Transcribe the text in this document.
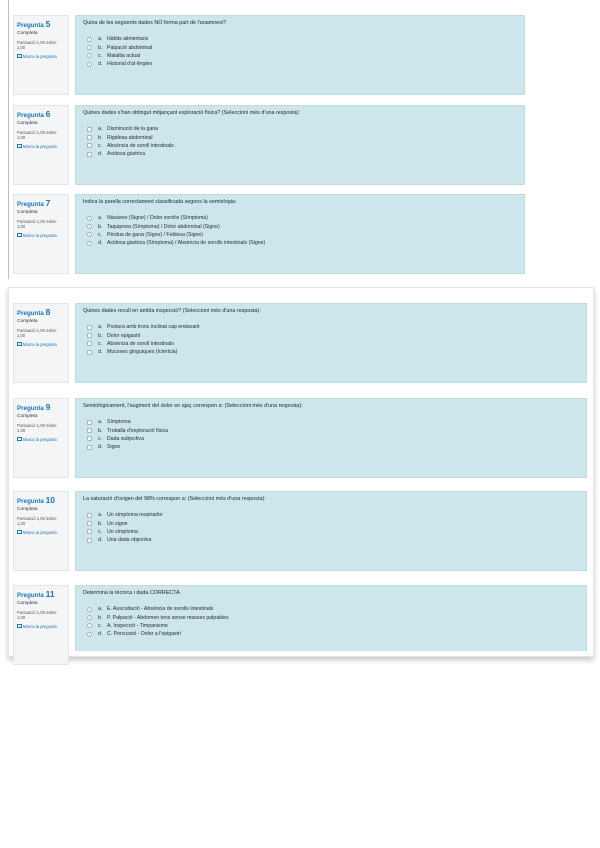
Pregunta 5
Completa
Puntuació 1,00 sobre 1,00
Marca la pregunta
Quina de les següents dades NO forma part de l'anamnesi?
a. Hàbits alimentaris
b. Palpació abdominal
c. Malaltia actual
d. Historial d'al·lèrgies
Pregunta 6
Completa
Puntuació 1,00 sobre 1,00
Marca la pregunta
Quines dades s'han obtingut mitjançant exploració física? (Seleccioni més d'una resposta):
a. Disminució de la gana
b. Rigidesa abdominal
c. Absència de soroll intestinals
d. Acidesa gàstrica
Pregunta 7
Completa
Puntuació 1,00 sobre 1,00
Marca la pregunta
Indica la parella correctament classificada segons la semiologia:
a. Nàusees (Signe) / Dolor sordós (Símptoma)
b. Taquipnea (Símptoma) / Dolor abdominal (Signe)
c. Pèrdua de gana (Signe) / Feblesa (Signe)
d. Acidesa gàstrica (Símptoma) / Absència de sorolls intestinals (Signe)
Pregunta 8
Completa
Puntuació 1,00 sobre 1,00
Marca la pregunta
Quines dades recull en ambla inspecció? (Seleccioni més d'una resposta):
a. Postura amb tronc inclinat cap endavant
b. Dolor epigastri
c. Absència de soroll intestinals
d. Mucoses ginguiques (Icterícia)
Pregunta 9
Completa
Puntuació 1,00 sobre 1,00
Marca la pregunta
Semiològicament, l'augment del dolor en ajaç correspon a: (Seleccioni més d'una resposta):
a. Símptoma
b. Troballa d'exploració física
c. Dada subjectiva
d. Signe
Pregunta 10
Completa
Puntuació 1,00 sobre 1,00
Marca la pregunta
La saturació d'oxigen del 98% correspon a: (Seleccioni més d'una resposta):
a. Un símptoma respirador
b. Un signe
c. Un símptoma
d. Una dada objectiva
Pregunta 11
Completa
Puntuació 1,00 sobre 1,00
Marca la pregunta
Determina la tècnica i dada CORRECTA
a. E. Auscultació - Absència de sorolls intestinals
b. P. Palpació - Abdomen tens sense masses palpables
c. A. Inspecció - Timpanisme
d. C. Percussió - Dolor a l'epigastri
